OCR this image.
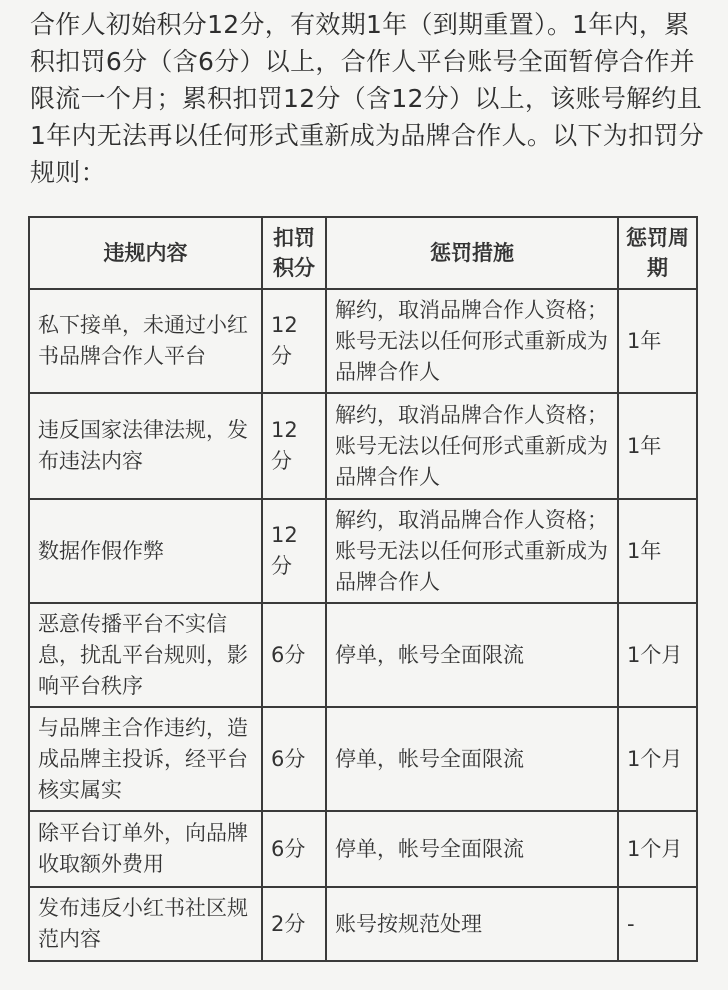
合作人初始积分12分，有效期1年（到期重置）。1年内，累积扣罚6分（含6分）以上，合作人平台账号全面暂停合作并限流一个月；累积扣罚12分（含12分）以上，该账号解约且1年内无法再以任何形式重新成为品牌合作人。以下为扣罚分规则：

违规内容	扣罚积分	惩罚措施	惩罚周期
私下接单，未通过小红书品牌合作人平台	12分	解约，取消品牌合作人资格；账号无法以任何形式重新成为品牌合作人	1年
违反国家法律法规，发布违法内容	12分	解约，取消品牌合作人资格；账号无法以任何形式重新成为品牌合作人	1年
数据作假作弊	12分	解约，取消品牌合作人资格；账号无法以任何形式重新成为品牌合作人	1年
恶意传播平台不实信息，扰乱平台规则，影响平台秩序	6分	停单，帐号全面限流	1个月
与品牌主合作违约，造成品牌主投诉，经平台核实属实	6分	停单，帐号全面限流	1个月
除平台订单外，向品牌收取额外费用	6分	停单，帐号全面限流	1个月
发布违反小红书社区规范内容	2分	账号按规范处理	-
